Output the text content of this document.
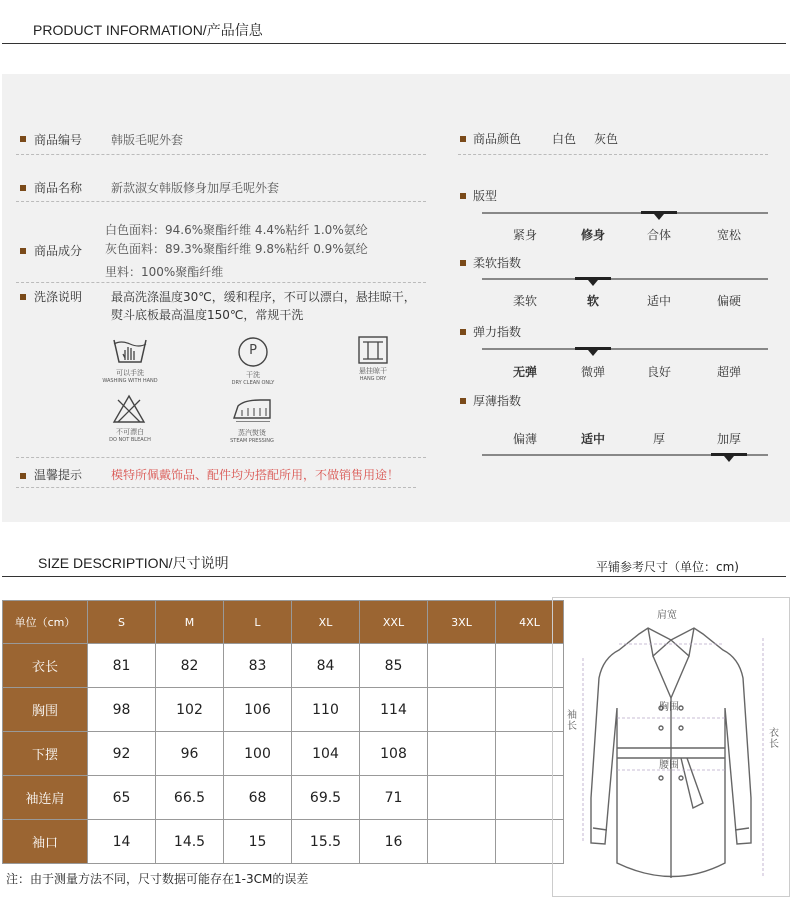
PRODUCT INFORMATION/产品信息
商品编号 韩版毛呢外套
商品名称 新款淑女韩版修身加厚毛呢外套
白色面料：94.6%聚酯纤维 4.4%粘纤 1.0%氨纶
商品成分 灰色面料：89.3%聚酯纤维 9.8%粘纤 0.9%氨纶
里料：100%聚酯纤维
洗涤说明 最高洗涤温度30℃，缓和程序，不可以漂白，悬挂晾干，
熨斗底板最高温度150℃，常规干洗
可以手洗
WASHING WITH HAND
P
干洗
DRY CLEAN ONLY
悬挂晾干
HANG DRY
不可漂白
DO NOT BLEACH
蒸汽熨烫
STEAM PRESSING
温馨提示 模特所佩戴饰品、配件均为搭配所用，不做销售用途！
商品颜色	白色 灰色
版型
紧身	修身	合体	宽松
柔软指数
柔软	软	适中	偏硬
弹力指数
无弹	微弹	良好	超弹
厚薄指数
偏薄	适中	厚	加厚
SIZE DESCRIPTION/尺寸说明	平铺参考尺寸（单位：cm)
单位（cm）	S	M	L	XL	XXL	3XL	4XL
衣长	81	82	83	84	85		
胸围	98	102	106	110	114		
下摆	92	96	100	104	108		
袖连肩	65	66.5	68	69.5	71		
袖口	14	14.5	15	15.5	16		
注：由于测量方法不同，尺寸数据可能存在1-3CM的误差
肩宽
胸围
腰围
袖长
衣长
